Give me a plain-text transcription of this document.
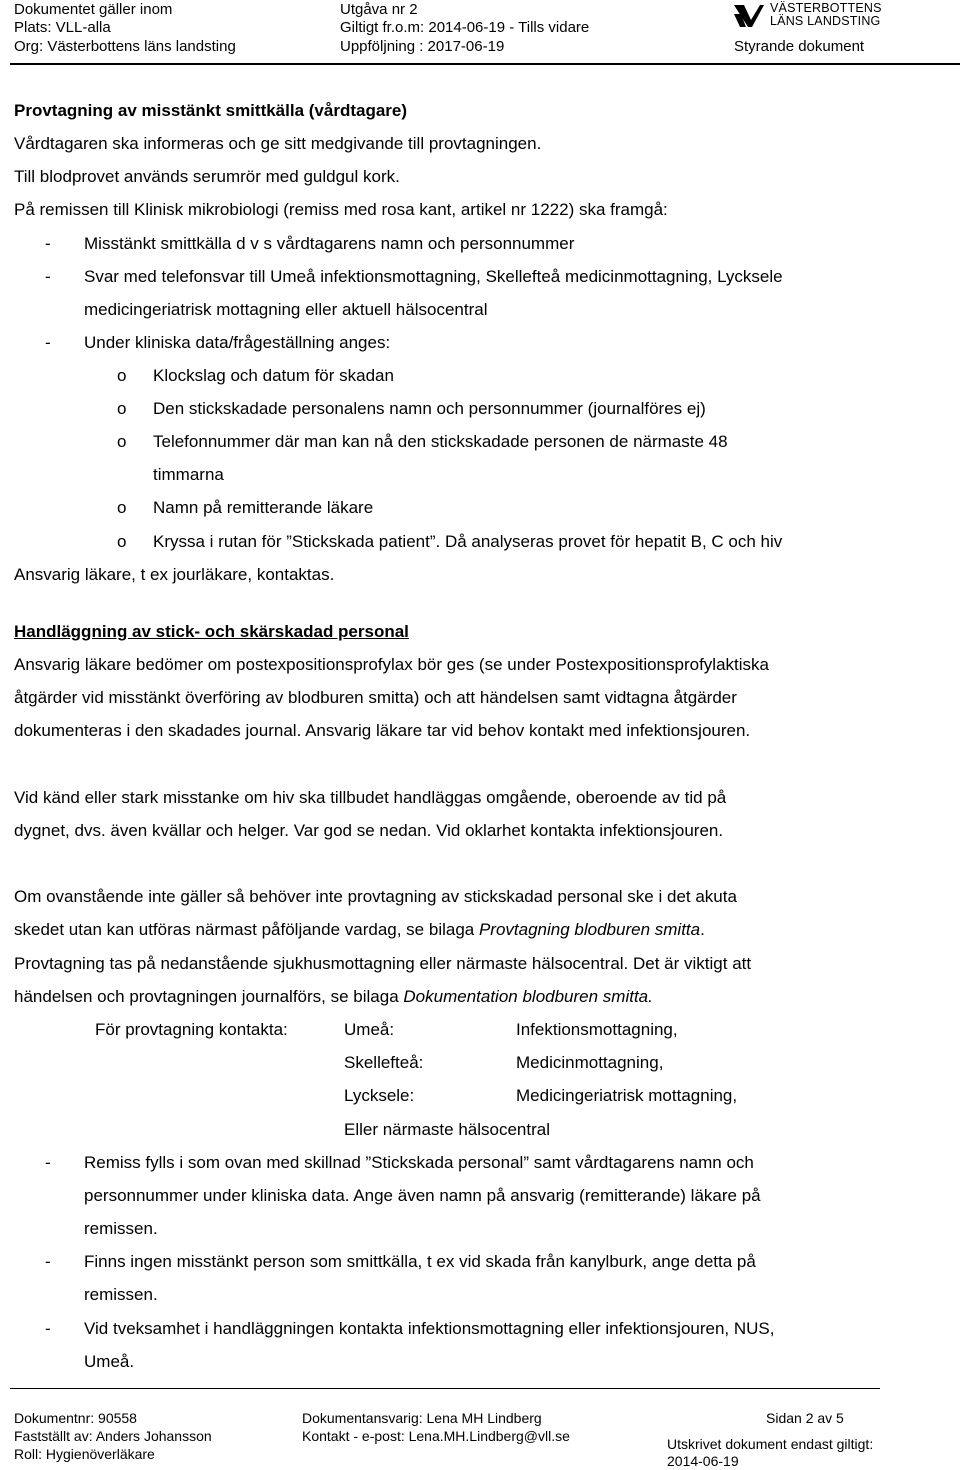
Dokumentet gäller inom
Plats: VLL-alla
Org: Västerbottens läns landsting
Utgåva nr 2
Giltigt fr.o.m: 2014-06-19 - Tills vidare
Uppföljning : 2017-06-19
VÄSTERBOTTENS
LÄNS LANDSTING
Styrande dokument
Provtagning av misstänkt smittkälla (vårdtagare)
Vårdtagaren ska informeras och ge sitt medgivande till provtagningen.
Till blodprovet används serumrör med guldgul kork.
På remissen till Klinisk mikrobiologi (remiss med rosa kant, artikel nr 1222) ska framgå:
- Misstänkt smittkälla d v s vårdtagarens namn och personnummer
- Svar med telefonsvar till Umeå infektionsmottagning, Skellefteå medicinmottagning, Lycksele
medicingeriatrisk mottagning eller aktuell hälsocentral
- Under kliniska data/frågeställning anges:
o Klockslag och datum för skadan
o Den stickskadade personalens namn och personnummer (journalföres ej)
o Telefonnummer där man kan nå den stickskadade personen de närmaste 48
timmarna
o Namn på remitterande läkare
o Kryssa i rutan för ”Stickskada patient”. Då analyseras provet för hepatit B, C och hiv
Ansvarig läkare, t ex jourläkare, kontaktas.
Handläggning av stick- och skärskadad personal
Ansvarig läkare bedömer om postexpositionsprofylax bör ges (se under Postexpositionsprofylaktiska
åtgärder vid misstänkt överföring av blodburen smitta) och att händelsen samt vidtagna åtgärder
dokumenteras i den skadades journal. Ansvarig läkare tar vid behov kontakt med infektionsjouren.
Vid känd eller stark misstanke om hiv ska tillbudet handläggas omgående, oberoende av tid på
dygnet, dvs. även kvällar och helger. Var god se nedan. Vid oklarhet kontakta infektionsjouren.
Om ovanstående inte gäller så behöver inte provtagning av stickskadad personal ske i det akuta
skedet utan kan utföras närmast påföljande vardag, se bilaga Provtagning blodburen smitta.
Provtagning tas på nedanstående sjukhusmottagning eller närmaste hälsocentral. Det är viktigt att
händelsen och provtagningen journalförs, se bilaga Dokumentation blodburen smitta.
För provtagning kontakta:	Umeå:	Infektionsmottagning,
Skellefteå:	Medicinmottagning,
Lycksele:	Medicingeriatrisk mottagning,
Eller närmaste hälsocentral
- Remiss fylls i som ovan med skillnad ”Stickskada personal” samt vårdtagarens namn och
personnummer under kliniska data. Ange även namn på ansvarig (remitterande) läkare på
remissen.
- Finns ingen misstänkt person som smittkälla, t ex vid skada från kanylburk, ange detta på
remissen.
- Vid tveksamhet i handläggningen kontakta infektionsmottagning eller infektionsjouren, NUS,
Umeå.
Dokumentnr: 90558
Fastställt av: Anders Johansson
Roll: Hygienöverläkare
Dokumentansvarig: Lena MH Lindberg
Kontakt - e-post: Lena.MH.Lindberg@vll.se
Sidan 2 av 5
Utskrivet dokument endast giltigt:
2014-06-19
